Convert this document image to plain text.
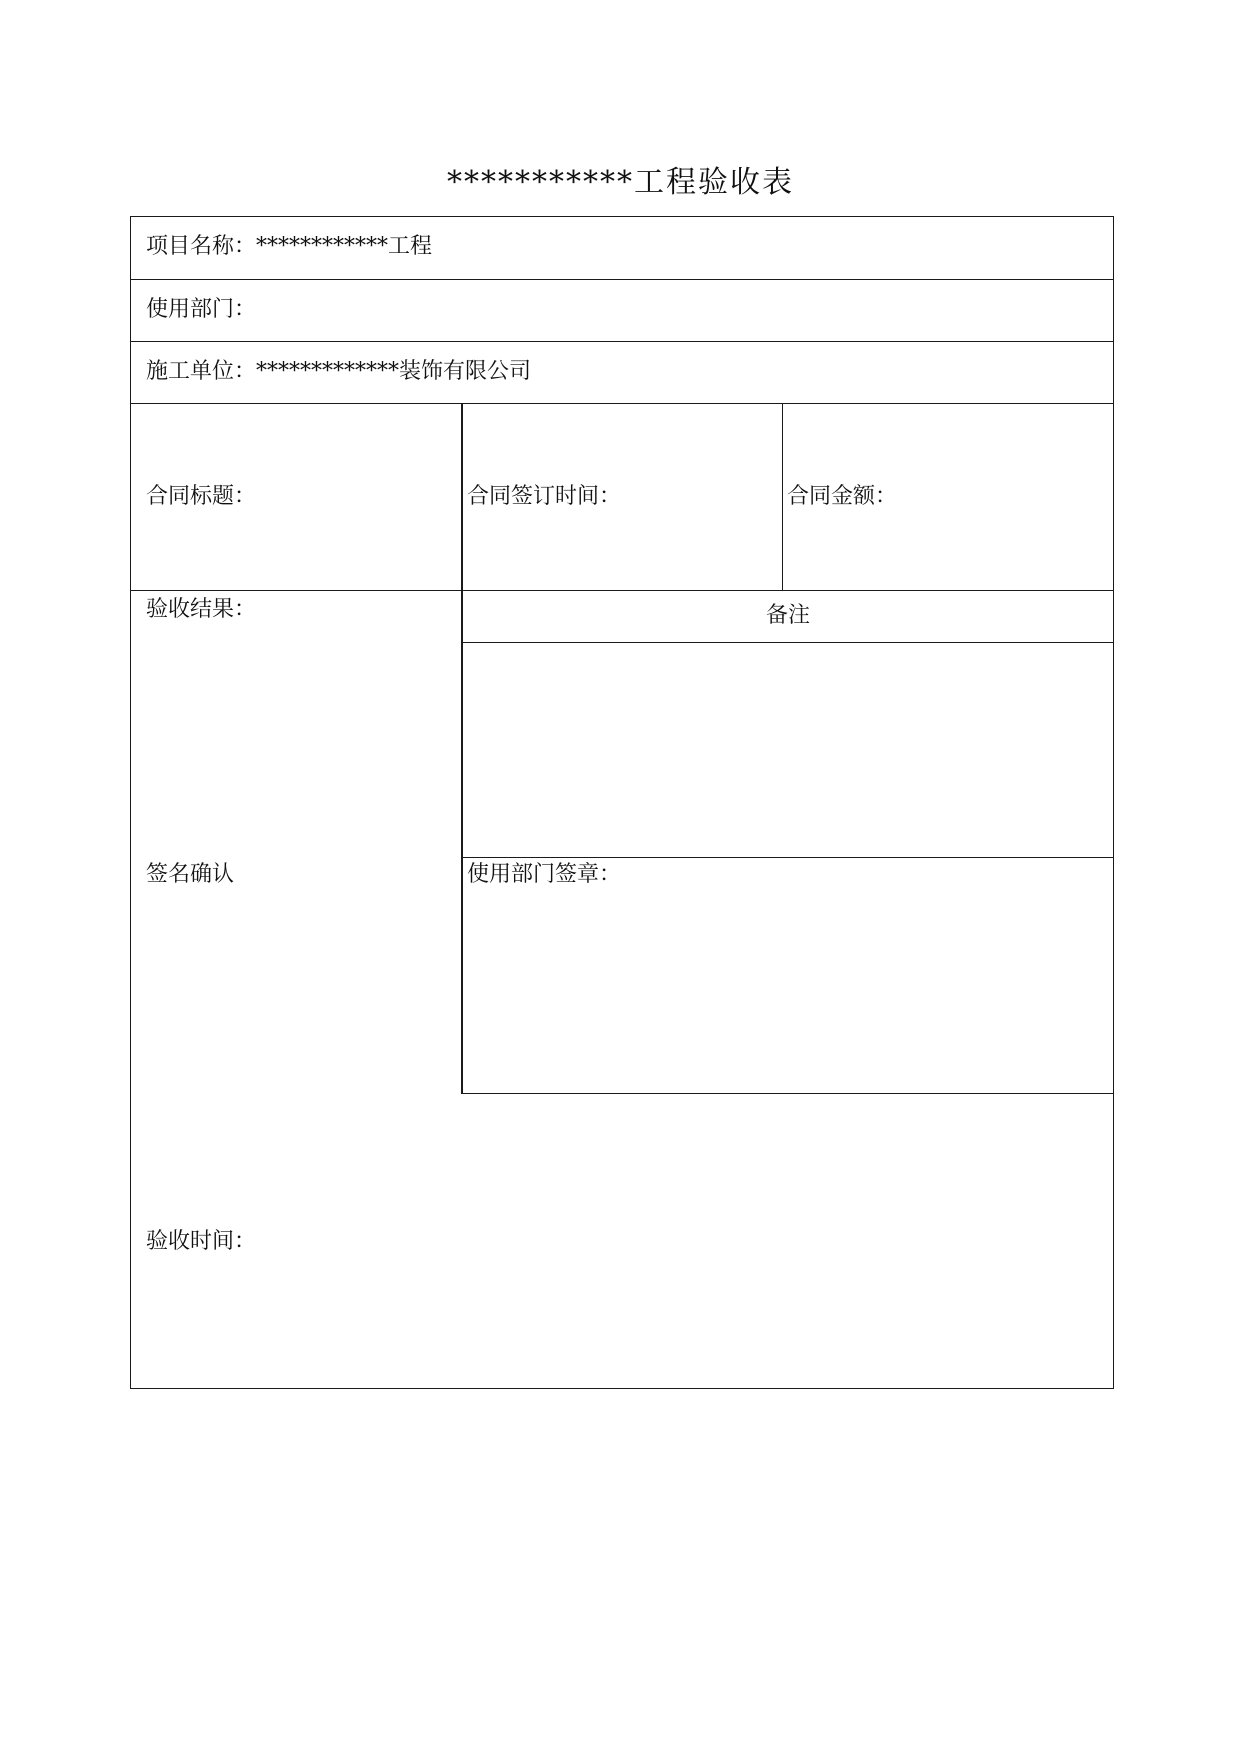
***********工程验收表
项目名称：************工程
使用部门：
施工单位：*************装饰有限公司
合同标题：	合同签订时间：	合同金额：
验收结果：	备注
签名确认	使用部门签章：
验收时间：
